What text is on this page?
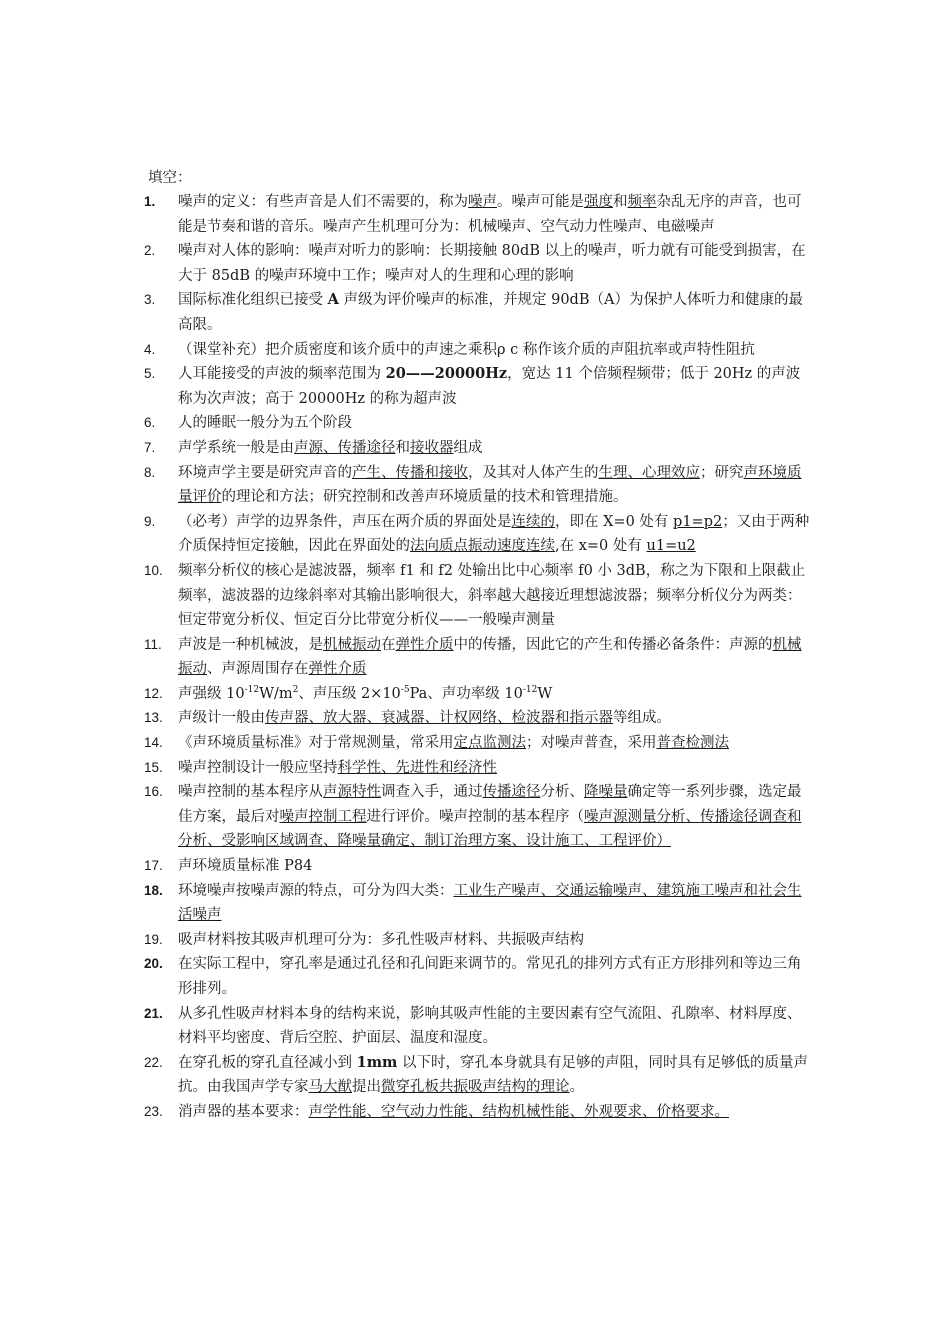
填空：
1. 噪声的定义：有些声音是人们不需要的，称为噪声。噪声可能是强度和频率杂乱无序的声音，也可能是节奏和谐的音乐。噪声产生机理可分为：机械噪声、空气动力性噪声、电磁噪声
2. 噪声对人体的影响：噪声对听力的影响：长期接触 80dB 以上的噪声，听力就有可能受到损害，在大于 85dB 的噪声环境中工作；噪声对人的生理和心理的影响
3. 国际标准化组织已接受 A 声级为评价噪声的标准，并规定 90dB（A）为保护人体听力和健康的最高限。
4. （课堂补充）把介质密度和该介质中的声速之乘积ρ c 称作该介质的声阻抗率或声特性阻抗
5. 人耳能接受的声波的频率范围为 20——20000Hz，宽达 11 个倍频程频带；低于 20Hz 的声波称为次声波；高于 20000Hz 的称为超声波
6. 人的睡眠一般分为五个阶段
7. 声学系统一般是由声源、传播途径和接收器组成
8. 环境声学主要是研究声音的产生、传播和接收，及其对人体产生的生理、心理效应；研究声环境质量评价的理论和方法；研究控制和改善声环境质量的技术和管理措施。
9. （必考）声学的边界条件，声压在两介质的界面处是连续的，即在 X=0 处有 p1=p2；又由于两种介质保持恒定接触，因此在界面处的法向质点振动速度连续,在 x=0 处有 u1=u2
10. 频率分析仪的核心是滤波器，频率 f1 和 f2 处输出比中心频率 f0 小 3dB，称之为下限和上限截止频率，滤波器的边缘斜率对其输出影响很大，斜率越大越接近理想滤波器；频率分析仪分为两类：恒定带宽分析仪、恒定百分比带宽分析仪——一般噪声测量
11. 声波是一种机械波，是机械振动在弹性介质中的传播，因此它的产生和传播必备条件：声源的机械振动、声源周围存在弹性介质
12. 声强级 $10^{-12}W/m^2$、声压级 $2\times 10^{-5}Pa$、声功率级 $10^{-12}W$
13. 声级计一般由传声器、放大器、衰减器、计权网络、检波器和指示器等组成。
14. 《声环境质量标准》对于常规测量，常采用定点监测法；对噪声普查，采用普查检测法
15. 噪声控制设计一般应坚持科学性、先进性和经济性
16. 噪声控制的基本程序从声源特性调查入手，通过传播途径分析、降噪量确定等一系列步骤，选定最佳方案，最后对噪声控制工程进行评价。噪声控制的基本程序（噪声源测量分析、传播途径调查和分析、受影响区域调查、降噪量确定、制订治理方案、设计施工、工程评价）
17. 声环境质量标准 P84
18. 环境噪声按噪声源的特点，可分为四大类：工业生产噪声、交通运输噪声、建筑施工噪声和社会生活噪声
19. 吸声材料按其吸声机理可分为：多孔性吸声材料、共振吸声结构
20. 在实际工程中，穿孔率是通过孔径和孔间距来调节的。常见孔的排列方式有正方形排列和等边三角形排列。
21. 从多孔性吸声材料本身的结构来说，影响其吸声性能的主要因素有空气流阻、孔隙率、材料厚度、材料平均密度、背后空腔、护面层、温度和湿度。
22. 在穿孔板的穿孔直径减小到 1mm 以下时，穿孔本身就具有足够的声阻，同时具有足够低的质量声抗。由我国声学专家马大猷提出微穿孔板共振吸声结构的理论。
23. 消声器的基本要求：声学性能、空气动力性能、结构机械性能、外观要求、价格要求。
